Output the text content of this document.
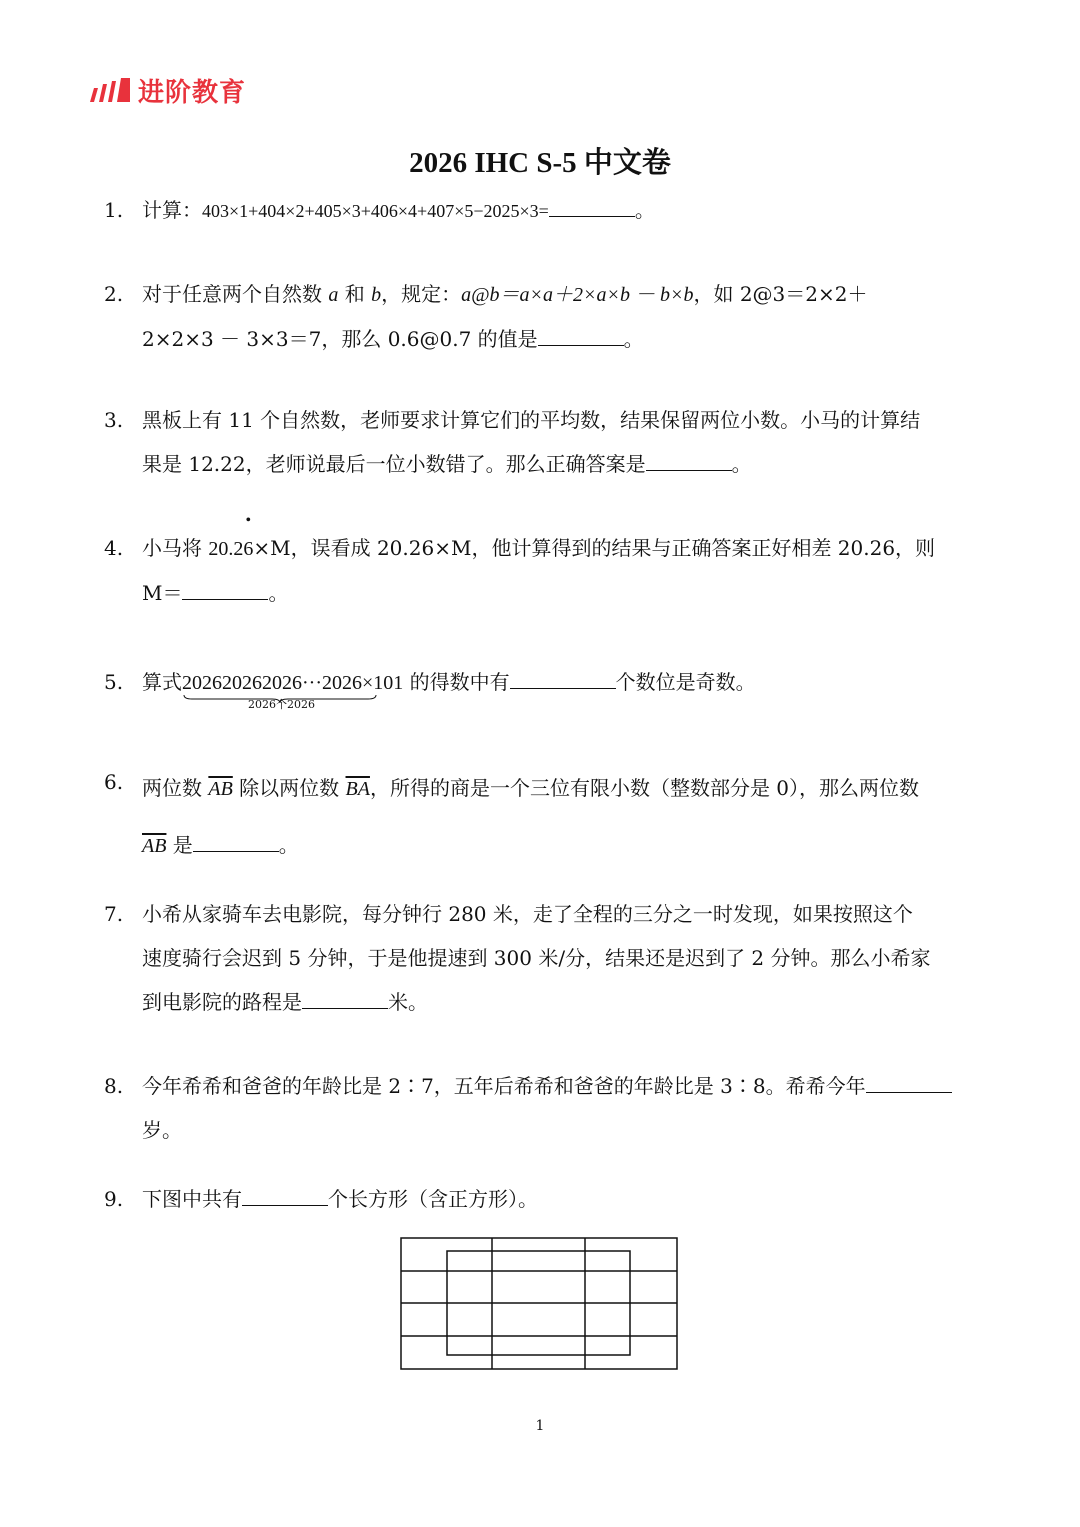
进阶教育
2026 IHC S-5 中文卷
1. 计算：403×1+404×2+405×3+406×4+407×5−2025×3=	。
2. 对于任意两个自然数 a 和 b，规定：a@b＝a×a＋2×a×b － b×b，如 2@3＝2×2＋
2×2×3 － 3×3＝7，那么 0.6@0.7 的值是	。
3. 黑板上有 11 个自然数，老师要求计算它们的平均数，结果保留两位小数。小马的计算结
果是 12.22，老师说最后一位小数错了。那么正确答案是	。
4. 小马将 20.2
•
6×M，误看成 20.26×M，他计算得到的结果与正确答案正好相差 20.26，则
M＝	。
5. 算式202620262026···2026
2026个2026
×101 的得数中有	个数位是奇数。
6. 两位数 $\overline{AB}$ 除以两位数 $\overline{BA}$，所得的商是一个三位有限小数（整数部分是 0），那么两位数
$\overline{AB}$ 是	。
7. 小希从家骑车去电影院，每分钟行 280 米，走了全程的三分之一时发现，如果按照这个
速度骑行会迟到 5 分钟，于是他提速到 300 米/分，结果还是迟到了 2 分钟。那么小希家
到电影院的路程是	米。
8. 今年希希和爸爸的年龄比是 2∶7，五年后希希和爸爸的年龄比是 3∶8。希希今年
岁。
9. 下图中共有	个长方形（含正方形）。
1
